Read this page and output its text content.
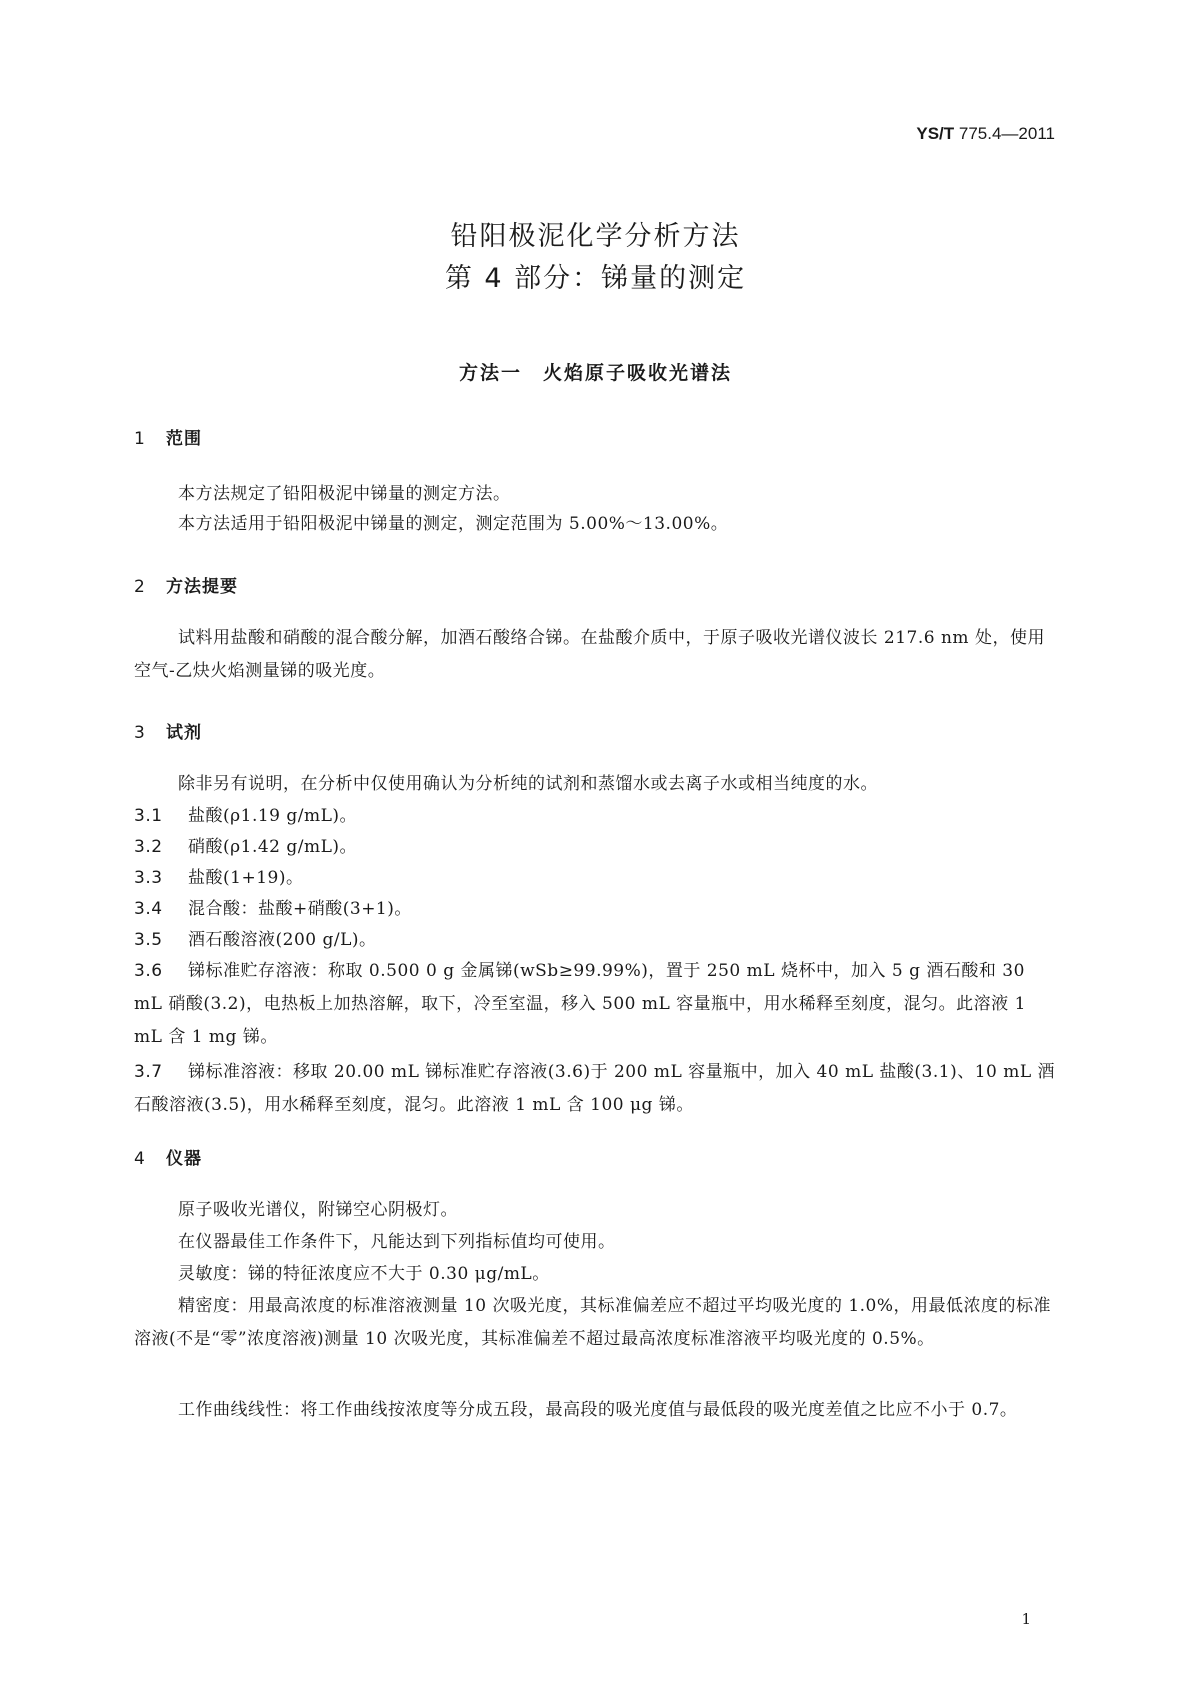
YS/T 775.4—2011
铅阳极泥化学分析方法
第 4 部分：锑量的测定
方法一　火焰原子吸收光谱法
1 范围
本方法规定了铅阳极泥中锑量的测定方法。
本方法适用于铅阳极泥中锑量的测定，测定范围为 5.00%～13.00%。
2 方法提要
试料用盐酸和硝酸的混合酸分解，加酒石酸络合锑。在盐酸介质中，于原子吸收光谱仪波长 217.6 nm 处，使用空气-乙炔火焰测量锑的吸光度。
3 试剂
除非另有说明，在分析中仅使用确认为分析纯的试剂和蒸馏水或去离子水或相当纯度的水。
3.1 盐酸(ρ1.19 g/mL)。
3.2 硝酸(ρ1.42 g/mL)。
3.3 盐酸(1+19)。
3.4 混合酸：盐酸+硝酸(3+1)。
3.5 酒石酸溶液(200 g/L)。
3.6 锑标准贮存溶液：称取 0.500 0 g 金属锑(wSb≥99.99%)，置于 250 mL 烧杯中，加入 5 g 酒石酸和 30 mL 硝酸(3.2)，电热板上加热溶解，取下，冷至室温，移入 500 mL 容量瓶中，用水稀释至刻度，混匀。此溶液 1 mL 含 1 mg 锑。
3.7 锑标准溶液：移取 20.00 mL 锑标准贮存溶液(3.6)于 200 mL 容量瓶中，加入 40 mL 盐酸(3.1)、10 mL 酒石酸溶液(3.5)，用水稀释至刻度，混匀。此溶液 1 mL 含 100 μg 锑。
4 仪器
原子吸收光谱仪，附锑空心阴极灯。
在仪器最佳工作条件下，凡能达到下列指标值均可使用。
灵敏度：锑的特征浓度应不大于 0.30 μg/mL。
精密度：用最高浓度的标准溶液测量 10 次吸光度，其标准偏差应不超过平均吸光度的 1.0%，用最低浓度的标准溶液(不是“零”浓度溶液)测量 10 次吸光度，其标准偏差不超过最高浓度标准溶液平均吸光度的 0.5%。
工作曲线线性：将工作曲线按浓度等分成五段，最高段的吸光度值与最低段的吸光度差值之比应不小于 0.7。
1
